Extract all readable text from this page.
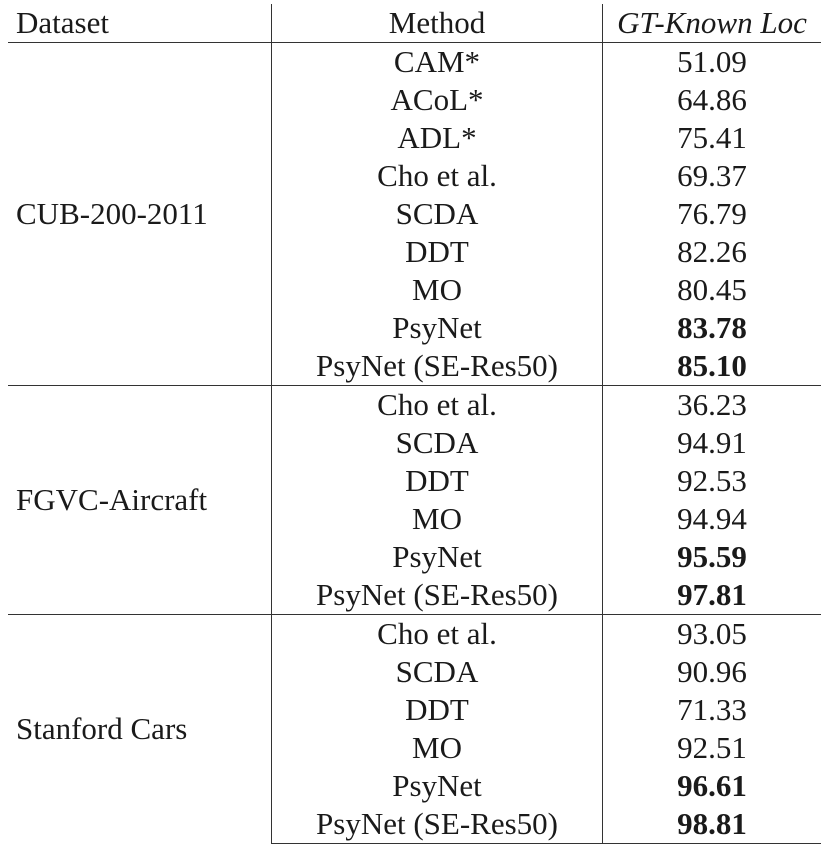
Dataset	Method	GT-Known Loc
CUB-200-2011	CAM*	51.09
	ACoL*	64.86
	ADL*	75.41
	Cho et al.	69.37
	SCDA	76.79
	DDT	82.26
	MO	80.45
	PsyNet	83.78
	PsyNet (SE-Res50)	85.10
FGVC-Aircraft	Cho et al.	36.23
	SCDA	94.91
	DDT	92.53
	MO	94.94
	PsyNet	95.59
	PsyNet (SE-Res50)	97.81
Stanford Cars	Cho et al.	93.05
	SCDA	90.96
	DDT	71.33
	MO	92.51
	PsyNet	96.61
	PsyNet (SE-Res50)	98.81
